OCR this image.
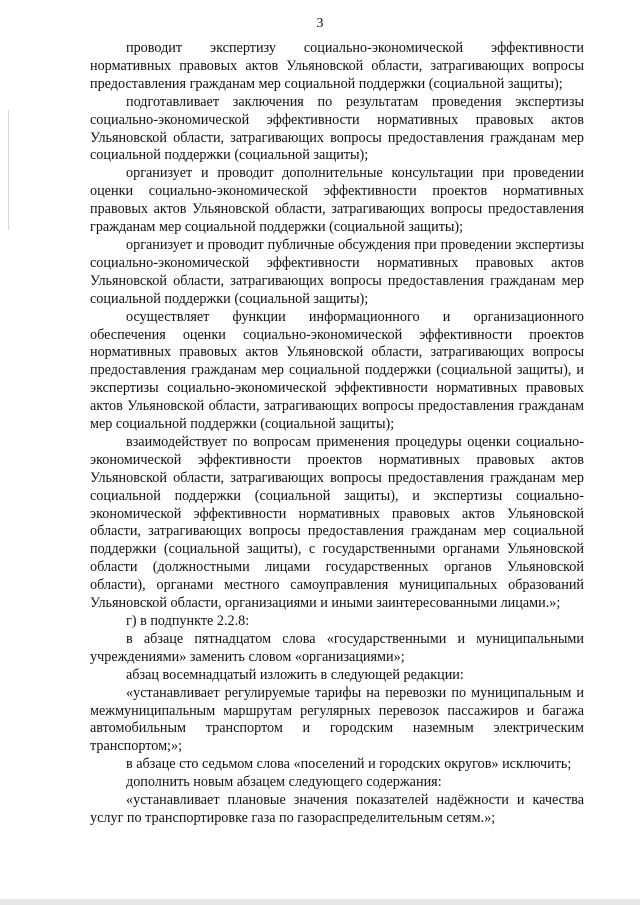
3

проводит экспертизу социально-экономической эффективности нормативных правовых актов Ульяновской области, затрагивающих вопросы предоставления гражданам мер социальной поддержки (социальной защиты);

подготавливает заключения по результатам проведения экспертизы социально-экономической эффективности нормативных правовых актов Ульяновской области, затрагивающих вопросы предоставления гражданам мер социальной поддержки (социальной защиты);

организует и проводит дополнительные консультации при проведении оценки социально-экономической эффективности проектов нормативных правовых актов Ульяновской области, затрагивающих вопросы предоставления гражданам мер социальной поддержки (социальной защиты);

организует и проводит публичные обсуждения при проведении экспертизы социально-экономической эффективности нормативных правовых актов Ульяновской области, затрагивающих вопросы предоставления гражданам мер социальной поддержки (социальной защиты);

осуществляет функции информационного и организационного обеспечения оценки социально-экономической эффективности проектов нормативных правовых актов Ульяновской области, затрагивающих вопросы предоставления гражданам мер социальной поддержки (социальной защиты), и экспертизы социально-экономической эффективности нормативных правовых актов Ульяновской области, затрагивающих вопросы предоставления гражданам мер социальной поддержки (социальной защиты);

взаимодействует по вопросам применения процедуры оценки социально-экономической эффективности проектов нормативных правовых актов Ульяновской области, затрагивающих вопросы предоставления гражданам мер социальной поддержки (социальной защиты), и экспертизы социально-экономической эффективности нормативных правовых актов Ульяновской области, затрагивающих вопросы предоставления гражданам мер социальной поддержки (социальной защиты), с государственными органами Ульяновской области (должностными лицами государственных органов Ульяновской области), органами местного самоуправления муниципальных образований Ульяновской области, организациями и иными заинтересованными лицами.»;

г) в подпункте 2.2.8:

в абзаце пятнадцатом слова «государственными и муниципальными учреждениями» заменить словом «организациями»;

абзац восемнадцатый изложить в следующей редакции:

«устанавливает регулируемые тарифы на перевозки по муниципальным и межмуниципальным маршрутам регулярных перевозок пассажиров и багажа автомобильным транспортом и городским наземным электрическим транспортом;»;

в абзаце сто седьмом слова «поселений и городских округов» исключить;

дополнить новым абзацем следующего содержания:

«устанавливает плановые значения показателей надёжности и качества услуг по транспортировке газа по газораспределительным сетям.»;
